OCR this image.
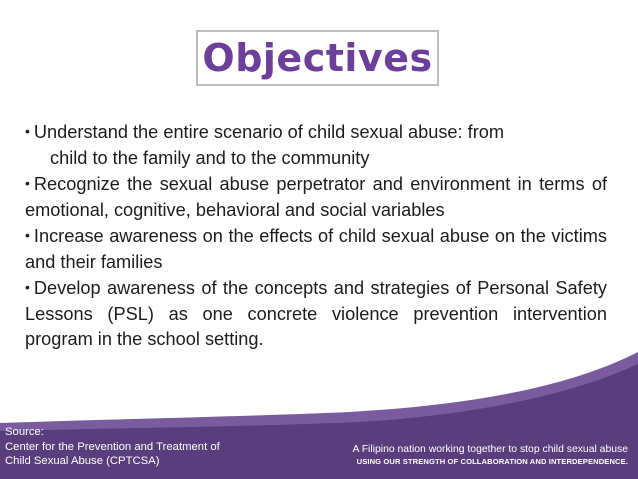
Objectives

• Understand the entire scenario of child sexual abuse: from
child to the family and to the community

• Recognize the sexual abuse perpetrator and environment in terms of emotional, cognitive, behavioral and social variables

• Increase awareness on the effects of child sexual abuse on the victims and their families

• Develop awareness of the concepts and strategies of Personal Safety Lessons (PSL) as one concrete violence prevention intervention program in the school setting.

Source:
Center for the Prevention and Treatment of
Child Sexual Abuse (CPTCSA)
A Filipino nation working together to stop child sexual abuse
USING OUR STRENGTH OF COLLABORATION AND INTERDEPENDENCE.
